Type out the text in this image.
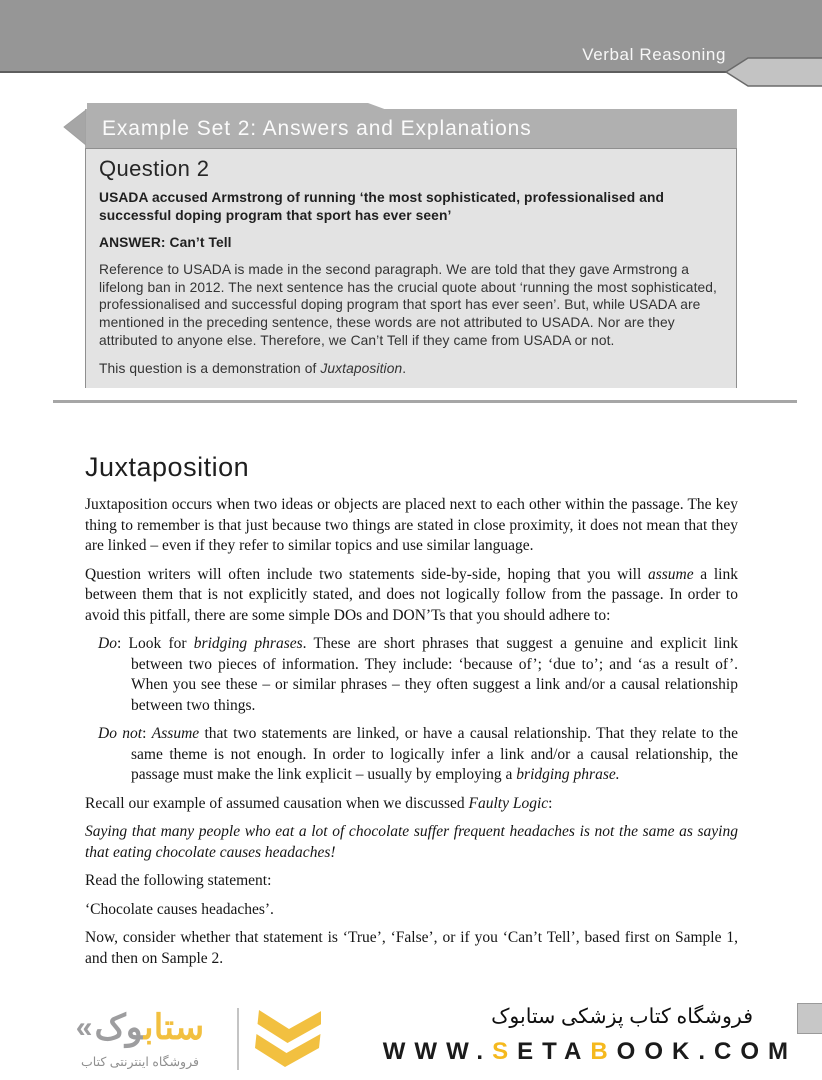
Verbal Reasoning
Example Set 2: Answers and Explanations
Question 2

USADA accused Armstrong of running ‘the most sophisticated, professionalised and successful doping program that sport has ever seen’

ANSWER: Can’t Tell

Reference to USADA is made in the second paragraph. We are told that they gave Armstrong a lifelong ban in 2012. The next sentence has the crucial quote about ‘running the most sophisticated, professionalised and successful doping program that sport has ever seen’. But, while USADA are mentioned in the preceding sentence, these words are not attributed to USADA. Nor are they attributed to anyone else. Therefore, we Can’t Tell if they came from USADA or not.

This question is a demonstration of Juxtaposition.

Juxtaposition

Juxtaposition occurs when two ideas or objects are placed next to each other within the passage. The key thing to remember is that just because two things are stated in close proximity, it does not mean that they are linked – even if they refer to similar topics and use similar language.

Question writers will often include two statements side-by-side, hoping that you will assume a link between them that is not explicitly stated, and does not logically follow from the passage. In order to avoid this pitfall, there are some simple DOs and DON’Ts that you should adhere to:

Do: Look for bridging phrases. These are short phrases that suggest a genuine and explicit link between two pieces of information. They include: ‘because of’; ‘due to’; and ‘as a result of’. When you see these – or similar phrases – they often suggest a link and/or a causal relationship between two things.

Do not: Assume that two statements are linked, or have a causal relationship. That they relate to the same theme is not enough. In order to logically infer a link and/or a causal relationship, the passage must make the link explicit – usually by employing a bridging phrase.

Recall our example of assumed causation when we discussed Faulty Logic:

Saying that many people who eat a lot of chocolate suffer frequent headaches is not the same as saying that eating chocolate causes headaches!

Read the following statement:

‘Chocolate causes headaches’.

Now, consider whether that statement is ‘True’, ‘False’, or if you ‘Can’t Tell’, based first on Sample 1, and then on Sample 2.

« ‍وک ستاب‍
فروشگاه اینترنتی کتاب
فروشگاه کتاب پزشکی ستابوک
WWW.SETABOOK.COM
